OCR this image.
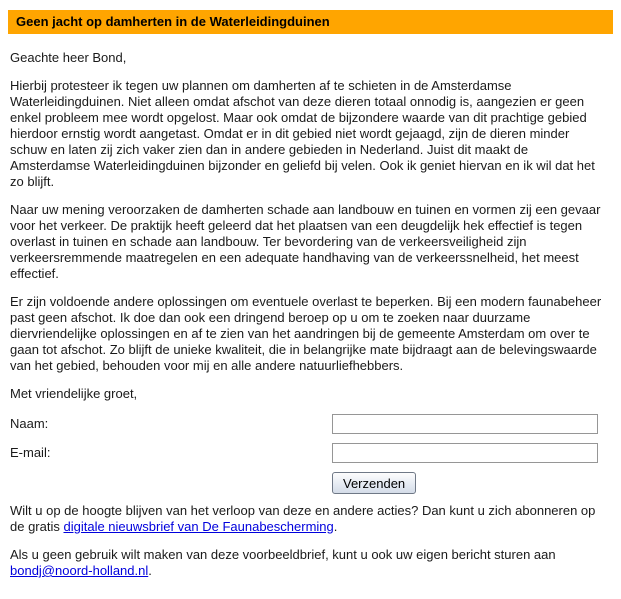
Geen jacht op damherten in de Waterleidingduinen

Geachte heer Bond,

Hierbij protesteer ik tegen uw plannen om damherten af te schieten in de Amsterdamse Waterleidingduinen. Niet alleen omdat afschot van deze dieren totaal onnodig is, aangezien er geen enkel probleem mee wordt opgelost. Maar ook omdat de bijzondere waarde van dit prachtige gebied hierdoor ernstig wordt aangetast. Omdat er in dit gebied niet wordt gejaagd, zijn de dieren minder schuw en laten zij zich vaker zien dan in andere gebieden in Nederland. Juist dit maakt de Amsterdamse Waterleidingduinen bijzonder en geliefd bij velen. Ook ik geniet hiervan en ik wil dat het zo blijft.

Naar uw mening veroorzaken de damherten schade aan landbouw en tuinen en vormen zij een gevaar voor het verkeer. De praktijk heeft geleerd dat het plaatsen van een deugdelijk hek effectief is tegen overlast in tuinen en schade aan landbouw. Ter bevordering van de verkeersveiligheid zijn verkeersremmende maatregelen en een adequate handhaving van de verkeerssnelheid, het meest effectief.

Er zijn voldoende andere oplossingen om eventuele overlast te beperken. Bij een modern faunabeheer past geen afschot. Ik doe dan ook een dringend beroep op u om te zoeken naar duurzame diervriendelijke oplossingen en af te zien van het aandringen bij de gemeente Amsterdam om over te gaan tot afschot. Zo blijft de unieke kwaliteit, die in belangrijke mate bijdraagt aan de belevingswaarde van het gebied, behouden voor mij en alle andere natuurliefhebbers.

Met vriendelijke groet,

Naam:
E-mail:
Verzenden

Wilt u op de hoogte blijven van het verloop van deze en andere acties? Dan kunt u zich abonneren op de gratis digitale nieuwsbrief van De Faunabescherming.

Als u geen gebruik wilt maken van deze voorbeeldbrief, kunt u ook uw eigen bericht sturen aan bondj@noord-holland.nl.
